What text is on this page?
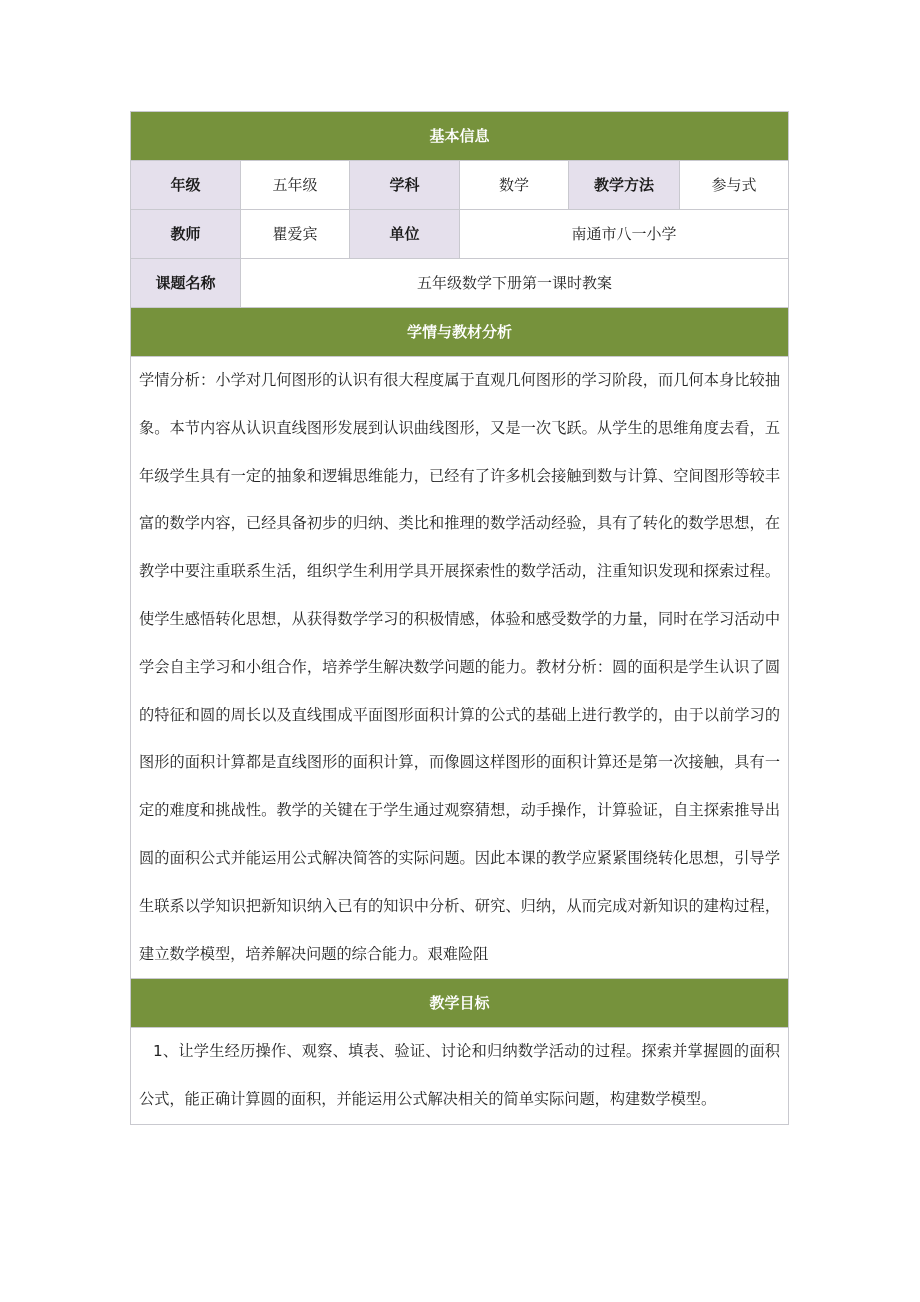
基本信息
年级	五年级	学科	数学	教学方法	参与式
教师	瞿爱宾	单位	南通市八一小学
课题名称	五年级数学下册第一课时教案
学情与教材分析
学情分析：小学对几何图形的认识有很大程度属于直观几何图形的学习阶段，而几何本身比较抽象。本节内容从认识直线图形发展到认识曲线图形，又是一次飞跃。从学生的思维角度去看，五年级学生具有一定的抽象和逻辑思维能力，已经有了许多机会接触到数与计算、空间图形等较丰富的数学内容，已经具备初步的归纳、类比和推理的数学活动经验，具有了转化的数学思想，在教学中要注重联系生活，组织学生利用学具开展探索性的数学活动，注重知识发现和探索过程。使学生感悟转化思想，从获得数学学习的积极情感，体验和感受数学的力量，同时在学习活动中学会自主学习和小组合作，培养学生解决数学问题的能力。教材分析：圆的面积是学生认识了圆的特征和圆的周长以及直线围成平面图形面积计算的公式的基础上进行教学的，由于以前学习的图形的面积计算都是直线图形的面积计算，而像圆这样图形的面积计算还是第一次接触，具有一定的难度和挑战性。教学的关键在于学生通过观察猜想，动手操作，计算验证，自主探索推导出圆的面积公式并能运用公式解决简答的实际问题。因此本课的教学应紧紧围绕转化思想，引导学生联系以学知识把新知识纳入已有的知识中分析、研究、归纳，从而完成对新知识的建构过程，建立数学模型，培养解决问题的综合能力。艰难险阻
教学目标
1、让学生经历操作、观察、填表、验证、讨论和归纳数学活动的过程。探索并掌握圆的面积公式，能正确计算圆的面积，并能运用公式解决相关的简单实际问题，构建数学模型。
